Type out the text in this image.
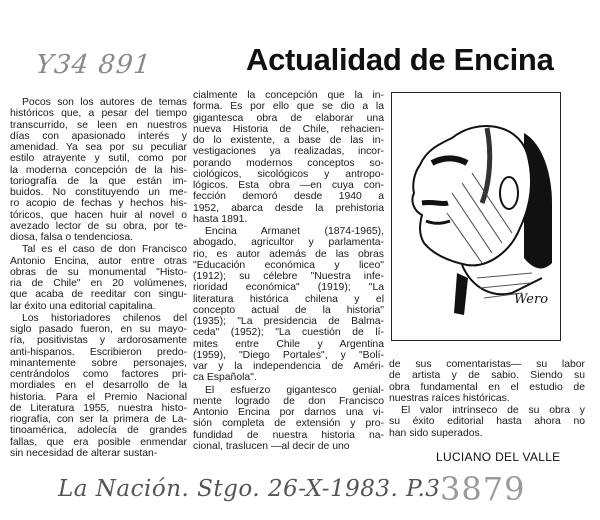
Y34 891	Actualidad de Encina
Pocos son los autores de temas
históricos que, a pesar del tiempo
transcurrido, se leen en nuestros
días con apasionado interés y
amenidad. Ya sea por su peculiar
estilo atrayente y sutil, como por
la moderna concepción de la his-
toriografía de la que están im-
buidos. No constituyendo un me-
ro acopio de fechas y hechos his-
tóricos, que hacen huir al novel o
avezado lector de su obra, por te-
diosa, falsa o tendenciosa.
Tal es el caso de don Francisco
Antonio Encina, autor entre otras
obras de su monumental "Histo-
ria de Chile" en 20 volúmenes,
que acaba de reeditar con singu-
lar éxito una editorial capitalina.
Los historiadores chilenos del
siglo pasado fueron, en su mayo-
ría, positivistas y ardorosamente
anti-hispanos. Escribieron predo-
minantemente sobre personajes,
centrándolos como factores pri-
mordiales en el desarrollo de la
historia. Para el Premio Nacional
de Literatura 1955, nuestra histo-
riografía, con ser la primera de La-
tinoamérica, adolecía de grandes
fallas, que era posible enmendar
sin necesidad de alterar sustan-
cialmente la concepción que la in-
forma. Es por ello que se dio a la
gigantesca obra de elaborar una
nueva Historia de Chile, rehacien-
do lo existente, a base de las in-
vestigaciones ya realizadas, incor-
porando modernos conceptos so-
ciológicos, sicológicos y antropo-
lógicos. Esta obra —en cuya con-
fección demoró desde 1940 a
1952, abarca desde la prehistoria
hasta 1891.
Encina Armanet (1874-1965),
abogado, agricultor y parlamenta-
rio, es autor además de las obras
"Educación económica y liceo"
(1912); su célebre "Nuestra infe-
rioridad económica" (1919); "La
literatura histórica chilena y el
concepto actual de la historia"
(1935); "La presidencia de Balma-
ceda" (1952); "La cuestión de lí-
mites entre Chile y Argentina
(1959), "Diego Portales", y "Bolí-
var y la independencia de Améri-
ca Española".
El esfuerzo gigantesco genial-
mente logrado de don Francisco
Antonio Encina por darnos una vi-
sión completa de extensión y pro-
fundidad de nuestra historia na-
cional, traslucen —al decir de uno
Wero
de sus comentaristas— su labor
de artista y de sabio. Siendo su
obra fundamental en el estudio de
nuestras raíces históricas.
El valor intrínseco de su obra y
su éxito editorial hasta ahora no
han sido superados.
LUCIANO DEL VALLE
La Nación. Stgo. 26-X-1983. P.3 3879
